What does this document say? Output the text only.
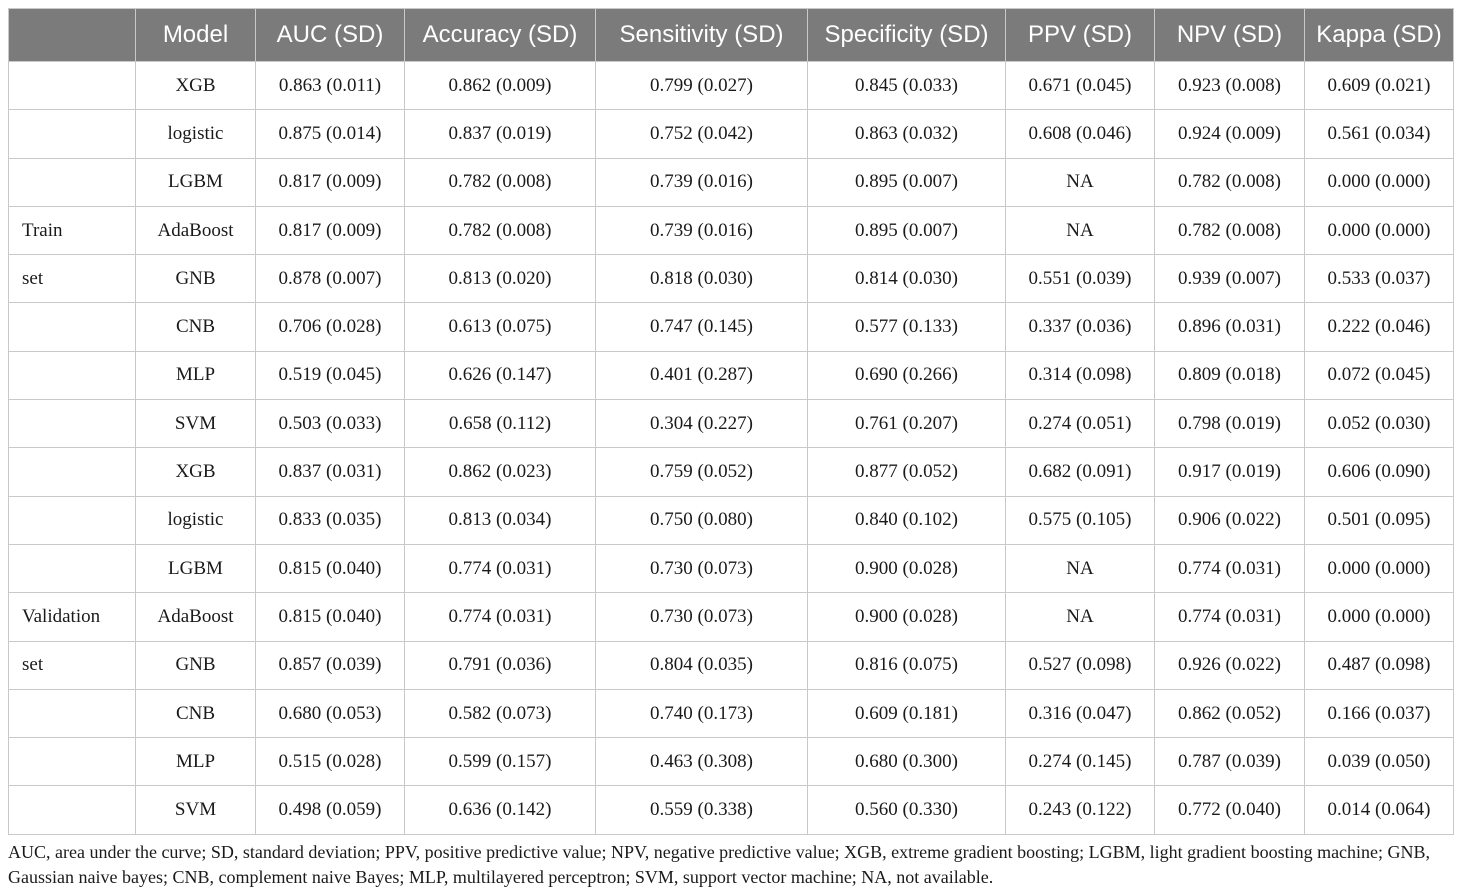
	Model	AUC (SD)	Accuracy (SD)	Sensitivity (SD)	Specificity (SD)	PPV (SD)	NPV (SD)	Kappa (SD)
	XGB	0.863 (0.011)	0.862 (0.009)	0.799 (0.027)	0.845 (0.033)	0.671 (0.045)	0.923 (0.008)	0.609 (0.021)
	logistic	0.875 (0.014)	0.837 (0.019)	0.752 (0.042)	0.863 (0.032)	0.608 (0.046)	0.924 (0.009)	0.561 (0.034)
	LGBM	0.817 (0.009)	0.782 (0.008)	0.739 (0.016)	0.895 (0.007)	NA	0.782 (0.008)	0.000 (0.000)
Train	AdaBoost	0.817 (0.009)	0.782 (0.008)	0.739 (0.016)	0.895 (0.007)	NA	0.782 (0.008)	0.000 (0.000)
set	GNB	0.878 (0.007)	0.813 (0.020)	0.818 (0.030)	0.814 (0.030)	0.551 (0.039)	0.939 (0.007)	0.533 (0.037)
	CNB	0.706 (0.028)	0.613 (0.075)	0.747 (0.145)	0.577 (0.133)	0.337 (0.036)	0.896 (0.031)	0.222 (0.046)
	MLP	0.519 (0.045)	0.626 (0.147)	0.401 (0.287)	0.690 (0.266)	0.314 (0.098)	0.809 (0.018)	0.072 (0.045)
	SVM	0.503 (0.033)	0.658 (0.112)	0.304 (0.227)	0.761 (0.207)	0.274 (0.051)	0.798 (0.019)	0.052 (0.030)
	XGB	0.837 (0.031)	0.862 (0.023)	0.759 (0.052)	0.877 (0.052)	0.682 (0.091)	0.917 (0.019)	0.606 (0.090)
	logistic	0.833 (0.035)	0.813 (0.034)	0.750 (0.080)	0.840 (0.102)	0.575 (0.105)	0.906 (0.022)	0.501 (0.095)
	LGBM	0.815 (0.040)	0.774 (0.031)	0.730 (0.073)	0.900 (0.028)	NA	0.774 (0.031)	0.000 (0.000)
Validation	AdaBoost	0.815 (0.040)	0.774 (0.031)	0.730 (0.073)	0.900 (0.028)	NA	0.774 (0.031)	0.000 (0.000)
set	GNB	0.857 (0.039)	0.791 (0.036)	0.804 (0.035)	0.816 (0.075)	0.527 (0.098)	0.926 (0.022)	0.487 (0.098)
	CNB	0.680 (0.053)	0.582 (0.073)	0.740 (0.173)	0.609 (0.181)	0.316 (0.047)	0.862 (0.052)	0.166 (0.037)
	MLP	0.515 (0.028)	0.599 (0.157)	0.463 (0.308)	0.680 (0.300)	0.274 (0.145)	0.787 (0.039)	0.039 (0.050)
	SVM	0.498 (0.059)	0.636 (0.142)	0.559 (0.338)	0.560 (0.330)	0.243 (0.122)	0.772 (0.040)	0.014 (0.064)

AUC, area under the curve; SD, standard deviation; PPV, positive predictive value; NPV, negative predictive value; XGB, extreme gradient boosting; LGBM, light gradient boosting machine; GNB, Gaussian naive bayes; CNB, complement naive Bayes; MLP, multilayered perceptron; SVM, support vector machine; NA, not available.
